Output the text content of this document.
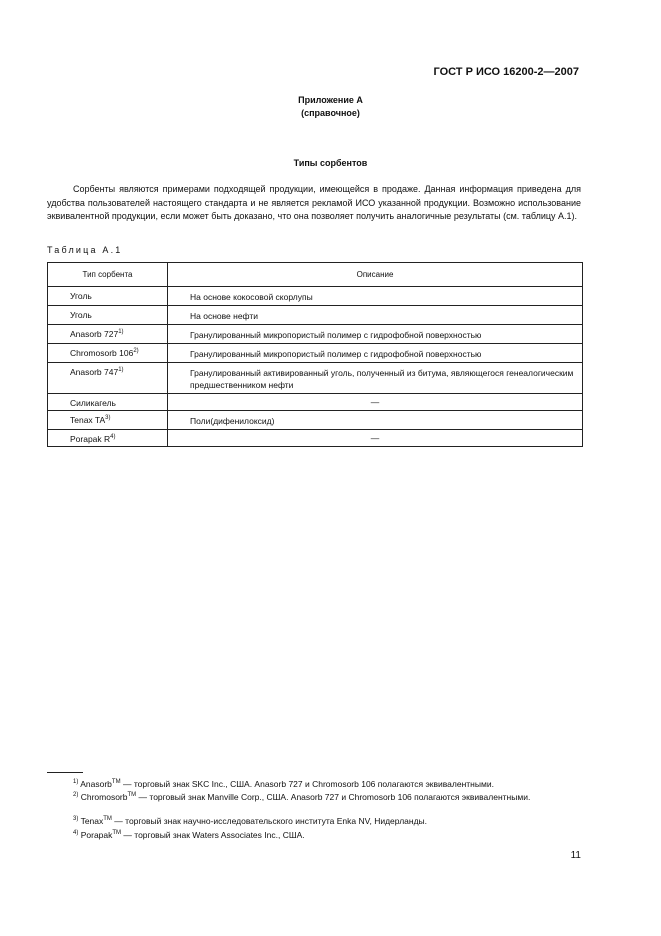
ГОСТ Р ИСО 16200-2—2007
Приложение А
(справочное)
Типы сорбентов
Сорбенты являются примерами подходящей продукции, имеющейся в продаже. Данная информация приведена для удобства пользователей настоящего стандарта и не является рекламой ИСО указанной продукции. Возможно использование эквивалентной продукции, если может быть доказано, что она позволяет получить аналогичные результаты (см. таблицу А.1).
Таблица А.1
Тип сорбента	Описание
Уголь	На основе кокосовой скорлупы
Уголь	На основе нефти
Anasorb 727$^{1)}$	Гранулированный микропористый полимер с гидрофобной поверхностью
Chromosorb 106$^{2)}$	Гранулированный микропористый полимер с гидрофобной поверхностью
Anasorb 747$^{1)}$	Гранулированный активированный уголь, полученный из битума, являющегося генеалогическим предшественником нефти
Силикагель	—
Tenax TA$^{3)}$	Поли(дифенилоксид)
Porapak $R^{4)}$	—
$^{1)}$ Anasorb™ — торговый знак SKC Inc., США. Anasorb 727 и Chromosorb 106 полагаются эквивалентными.
$^{2)}$ Chromosorb™ — торговый знак Manville Corp., США. Anasorb 727 и Chromosorb 106 полагаются эквивалентными.
$^{3)}$ Tenax™ — торговый знак научно-исследовательского института Enka NV, Нидерланды.
$^{4)}$ Porapak™ — торговый знак Waters Associates Inc., США.
11
